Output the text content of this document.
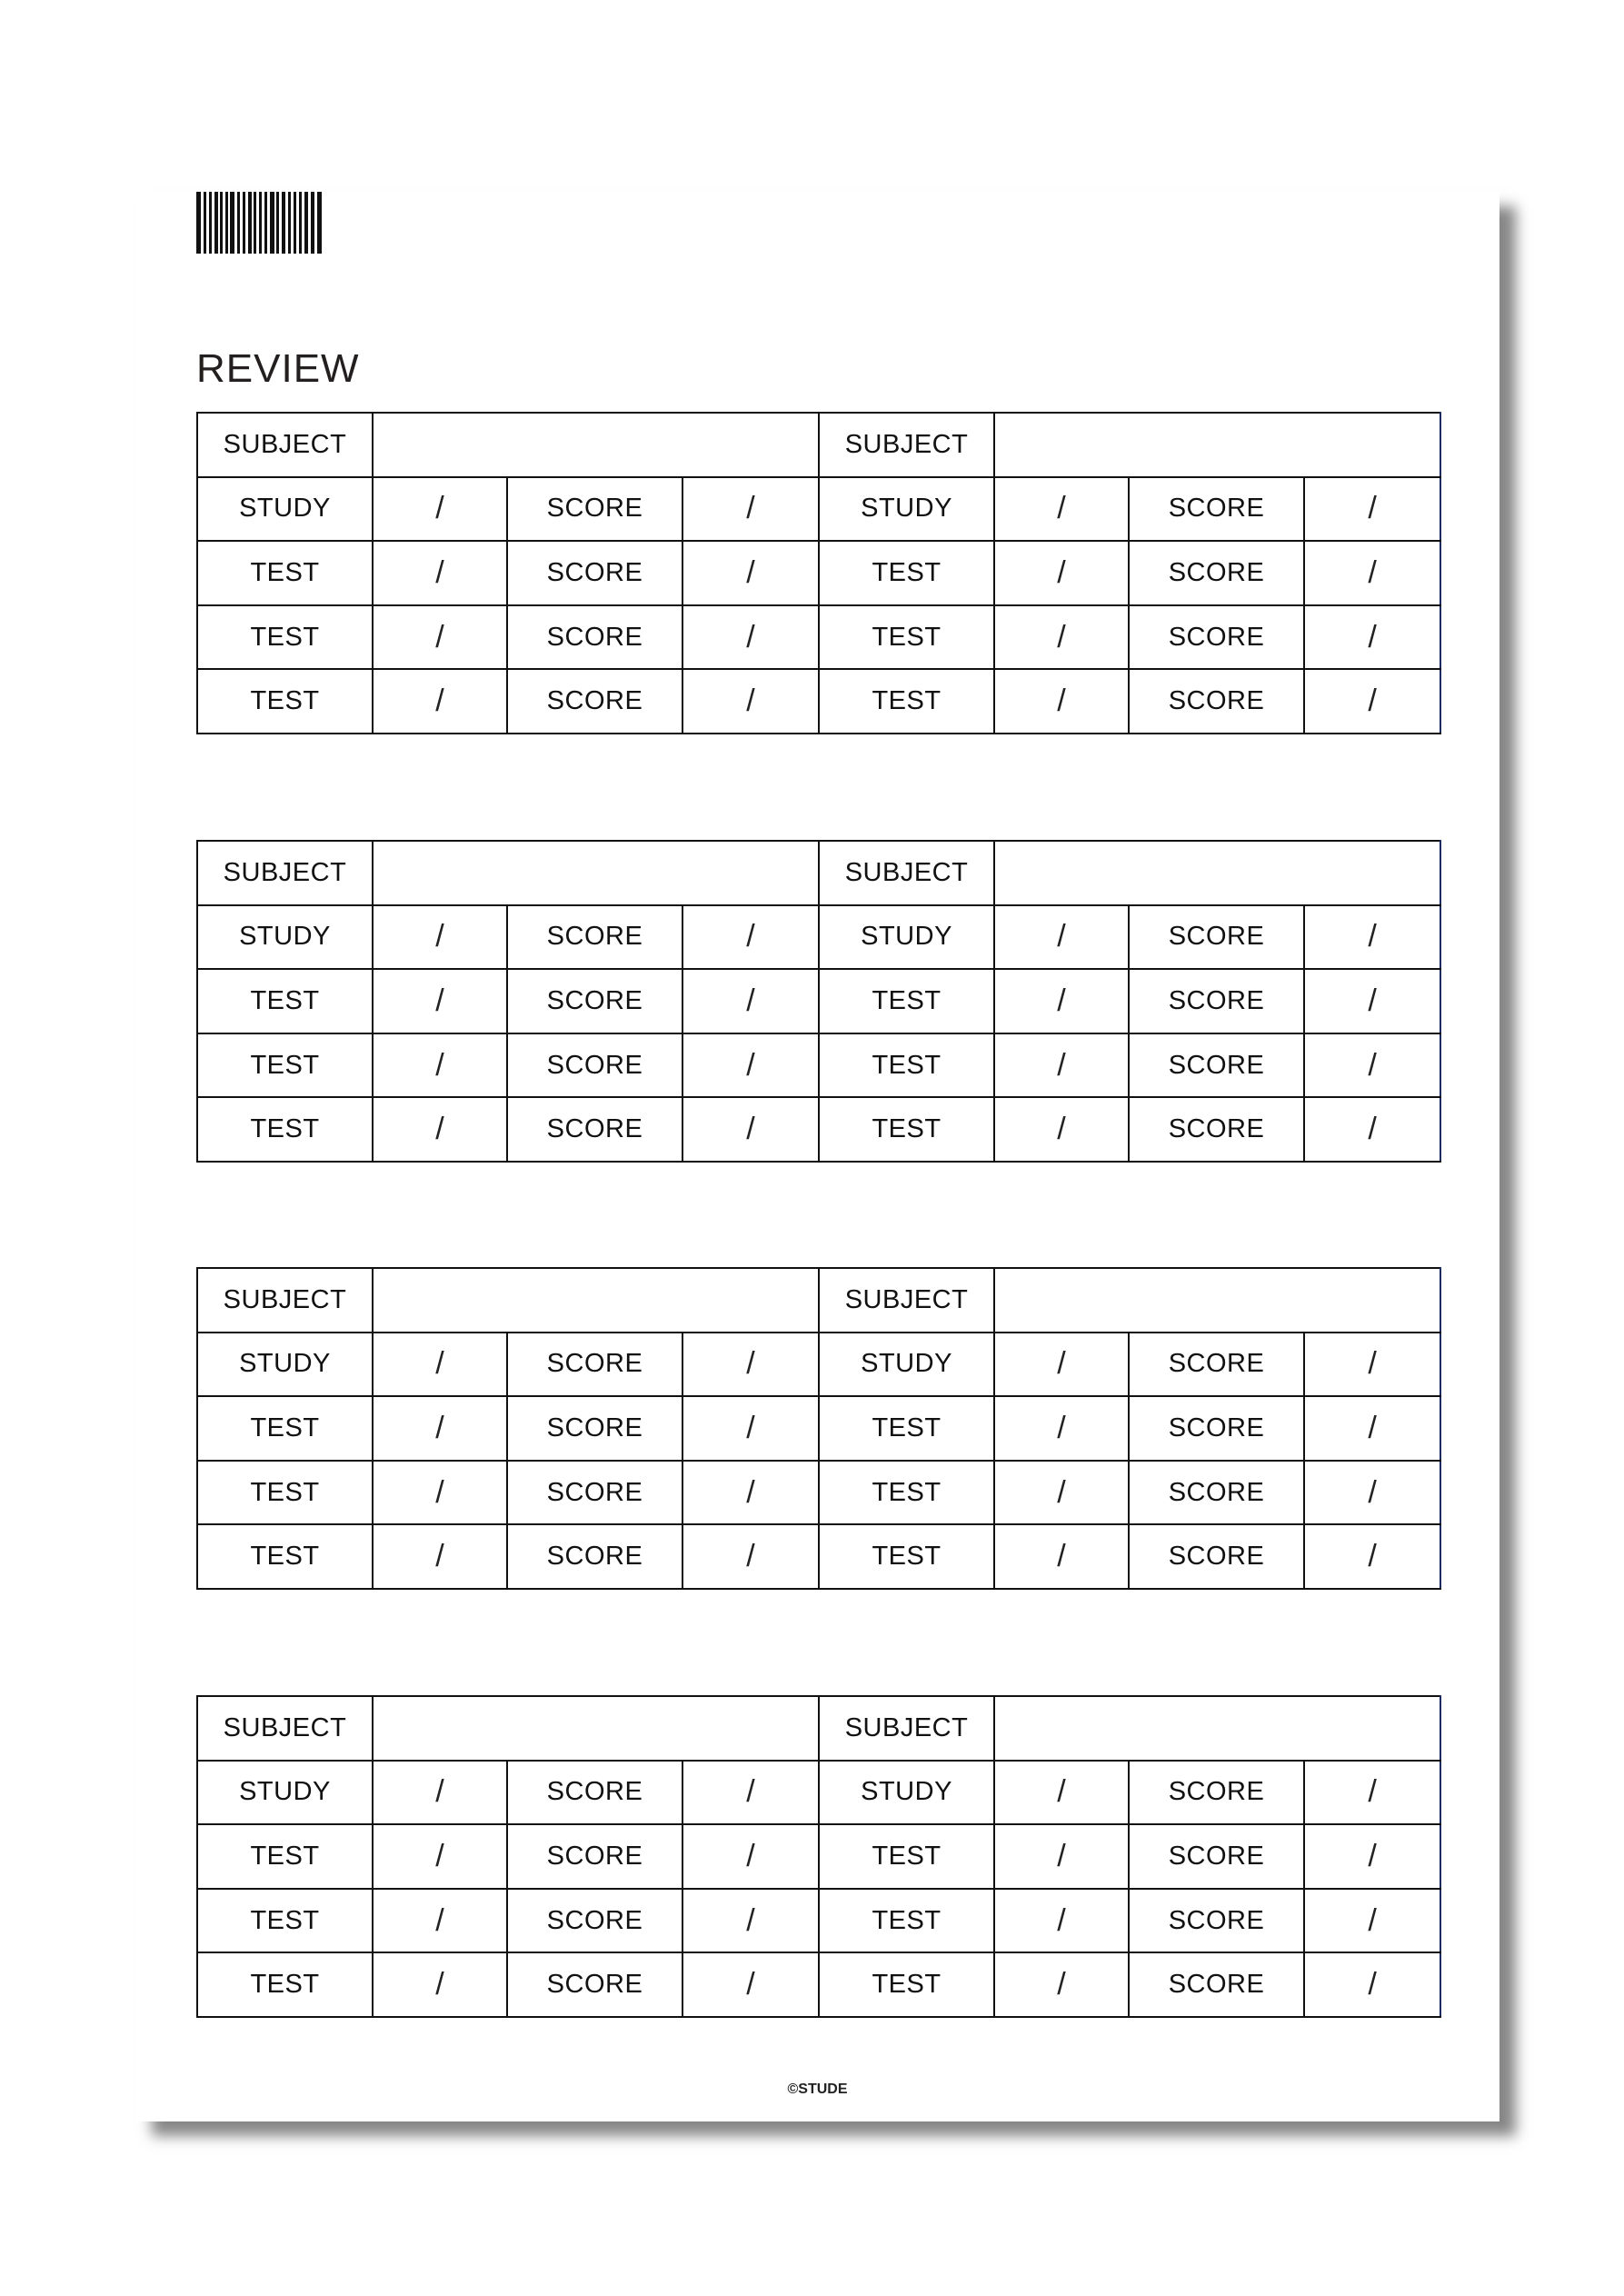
REVIEW
SUBJECT				SUBJECT			
STUDY	/	SCORE	/	STUDY	/	SCORE	/
TEST	/	SCORE	/	TEST	/	SCORE	/
TEST	/	SCORE	/	TEST	/	SCORE	/
TEST	/	SCORE	/	TEST	/	SCORE	/
SUBJECT				SUBJECT			
STUDY	/	SCORE	/	STUDY	/	SCORE	/
TEST	/	SCORE	/	TEST	/	SCORE	/
TEST	/	SCORE	/	TEST	/	SCORE	/
TEST	/	SCORE	/	TEST	/	SCORE	/
SUBJECT				SUBJECT			
STUDY	/	SCORE	/	STUDY	/	SCORE	/
TEST	/	SCORE	/	TEST	/	SCORE	/
TEST	/	SCORE	/	TEST	/	SCORE	/
TEST	/	SCORE	/	TEST	/	SCORE	/
SUBJECT				SUBJECT			
STUDY	/	SCORE	/	STUDY	/	SCORE	/
TEST	/	SCORE	/	TEST	/	SCORE	/
TEST	/	SCORE	/	TEST	/	SCORE	/
TEST	/	SCORE	/	TEST	/	SCORE	/
©STUDE
